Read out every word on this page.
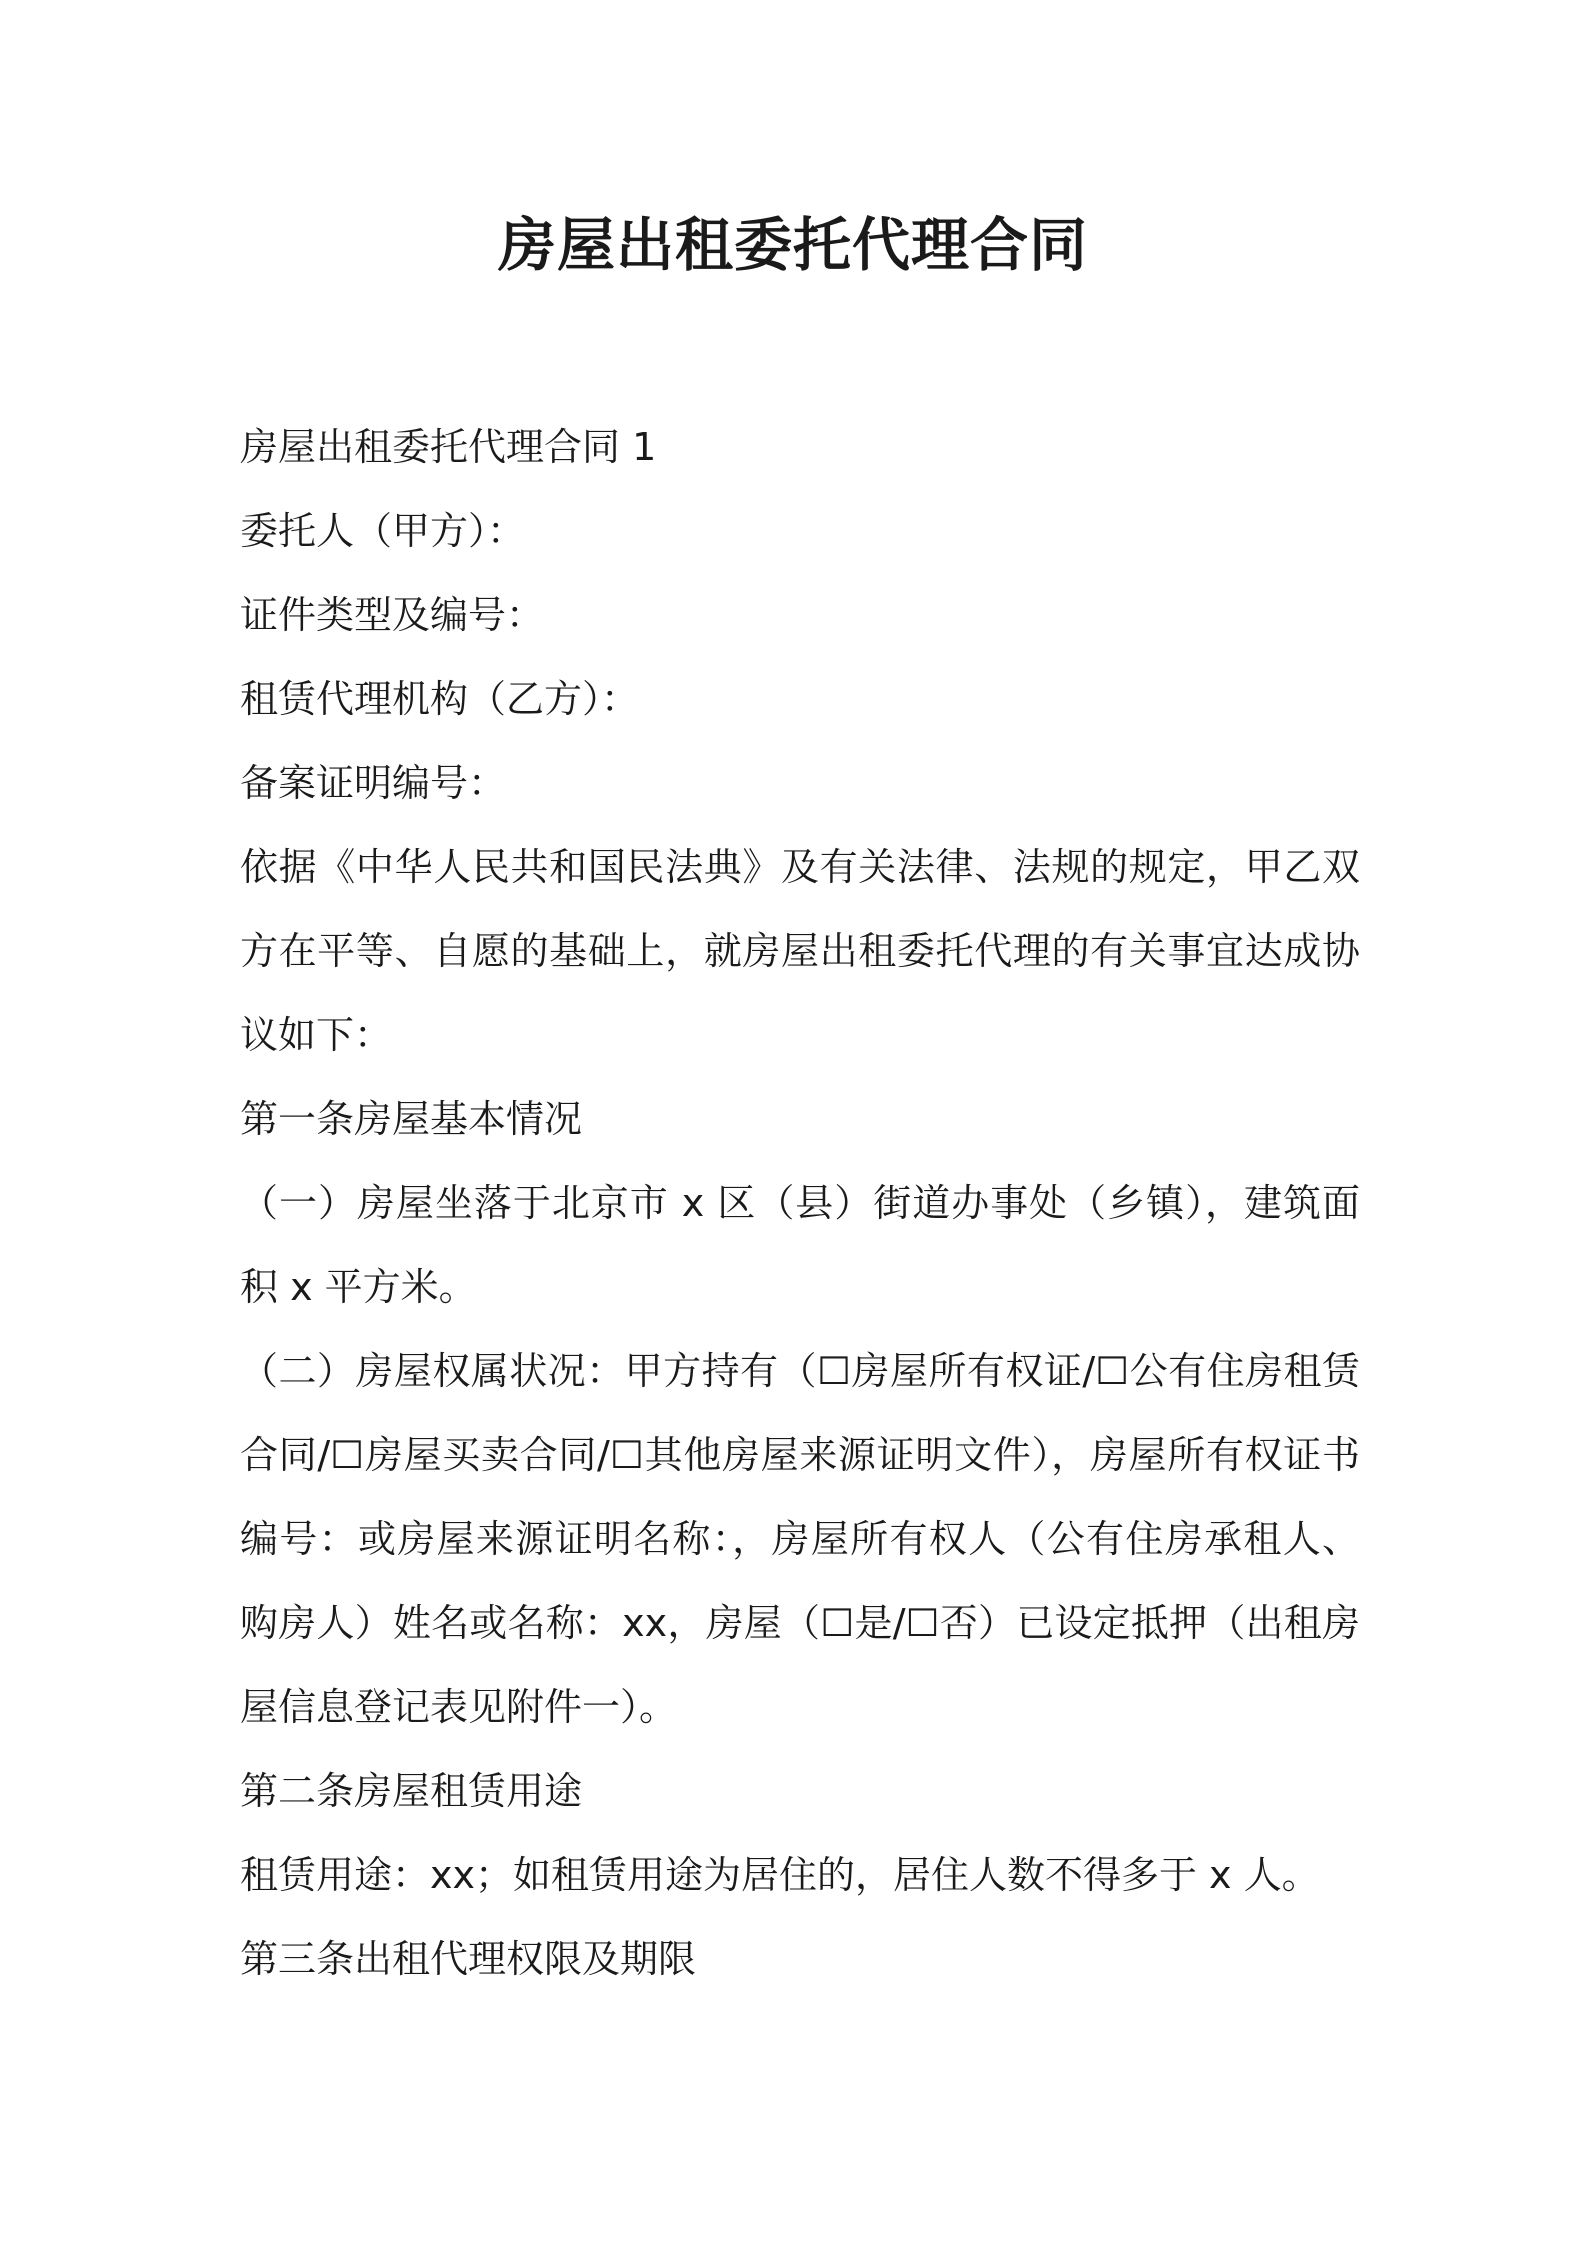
房屋出租委托代理合同
房屋出租委托代理合同 1
委托人（甲方）：
证件类型及编号：
租赁代理机构（乙方）：
备案证明编号：
依据《中华人民共和国民法典》及有关法律、法规的规定，甲乙双方在平等、自愿的基础上，就房屋出租委托代理的有关事宜达成协议如下：
第一条房屋基本情况
（一）房屋坐落于北京市 x 区（县）街道办事处（乡镇），建筑面积 x 平方米。
（二）房屋权属状况：甲方持有（☐房屋所有权证/☐公有住房租赁合同/☐房屋买卖合同/☐其他房屋来源证明文件），房屋所有权证书编号：或房屋来源证明名称：，房屋所有权人（公有住房承租人、购房人）姓名或名称：xx，房屋（☐是/☐否）已设定抵押（出租房屋信息登记表见附件一）。
第二条房屋租赁用途
租赁用途：xx；如租赁用途为居住的，居住人数不得多于 x 人。
第三条出租代理权限及期限
